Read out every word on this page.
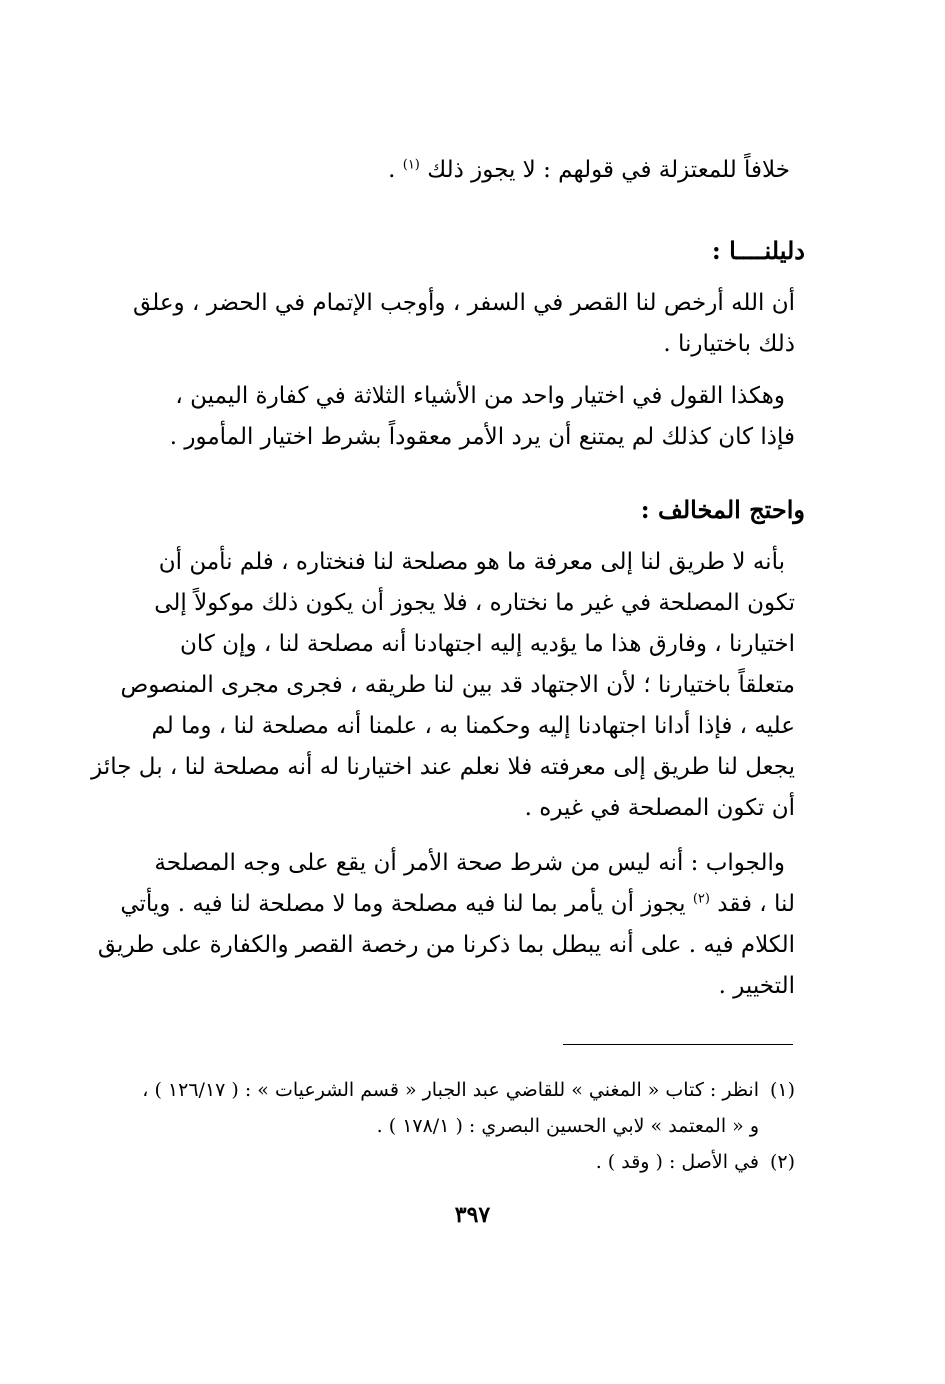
خلافاً للمعتزلة في قولهم : لا يجوز ذلك $^{(١)}$ .
دليلنــــا :
أن الله أرخص لنا القصر في السفر ، وأوجب الإتمام في الحضر ، وعلق
ذلك باختيارنا .
وهكذا القول في اختيار واحد من الأشياء الثلاثة في كفارة اليمين ،
فإذا كان كذلك لم يمتنع أن يرد الأمر معقوداً بشرط اختيار المأمور .
واحتج المخالف :
بأنه لا طريق لنا إلى معرفة ما هو مصلحة لنا فنختاره ، فلم نأمن أن
تكون المصلحة في غير ما نختاره ، فلا يجوز أن يكون ذلك موكولاً إلى
اختيارنا ، وفارق هذا ما يؤديه إليه اجتهادنا أنه مصلحة لنا ، وإن كان
متعلقاً باختيارنا ؛ لأن الاجتهاد قد بين لنا طريقه ، فجرى مجرى المنصوص
عليه ، فإذا أدانا اجتهادنا إليه وحكمنا به ، علمنا أنه مصلحة لنا ، وما لم
يجعل لنا طريق إلى معرفته فلا نعلم عند اختيارنا له أنه مصلحة لنا ، بل جائز
أن تكون المصلحة في غيره .
والجواب : أنه ليس من شرط صحة الأمر أن يقع على وجه المصلحة
لنا ، فقد $^{(٢)}$ يجوز أن يأمر بما لنا فيه مصلحة وما لا مصلحة لنا فيه . ويأتي
الكلام فيه . على أنه يبطل بما ذكرنا من رخصة القصر والكفارة على طريق
التخيير .
(١)انظر : كتاب « المغني » للقاضي عبد الجبار « قسم الشرعيات » : ( ١٢٦/١٧ ) ،
و « المعتمد » لابي الحسين البصري : ( ١٧٨/١ ) .
(٢)في الأصل : ( وقد ) .
٣٩٧
